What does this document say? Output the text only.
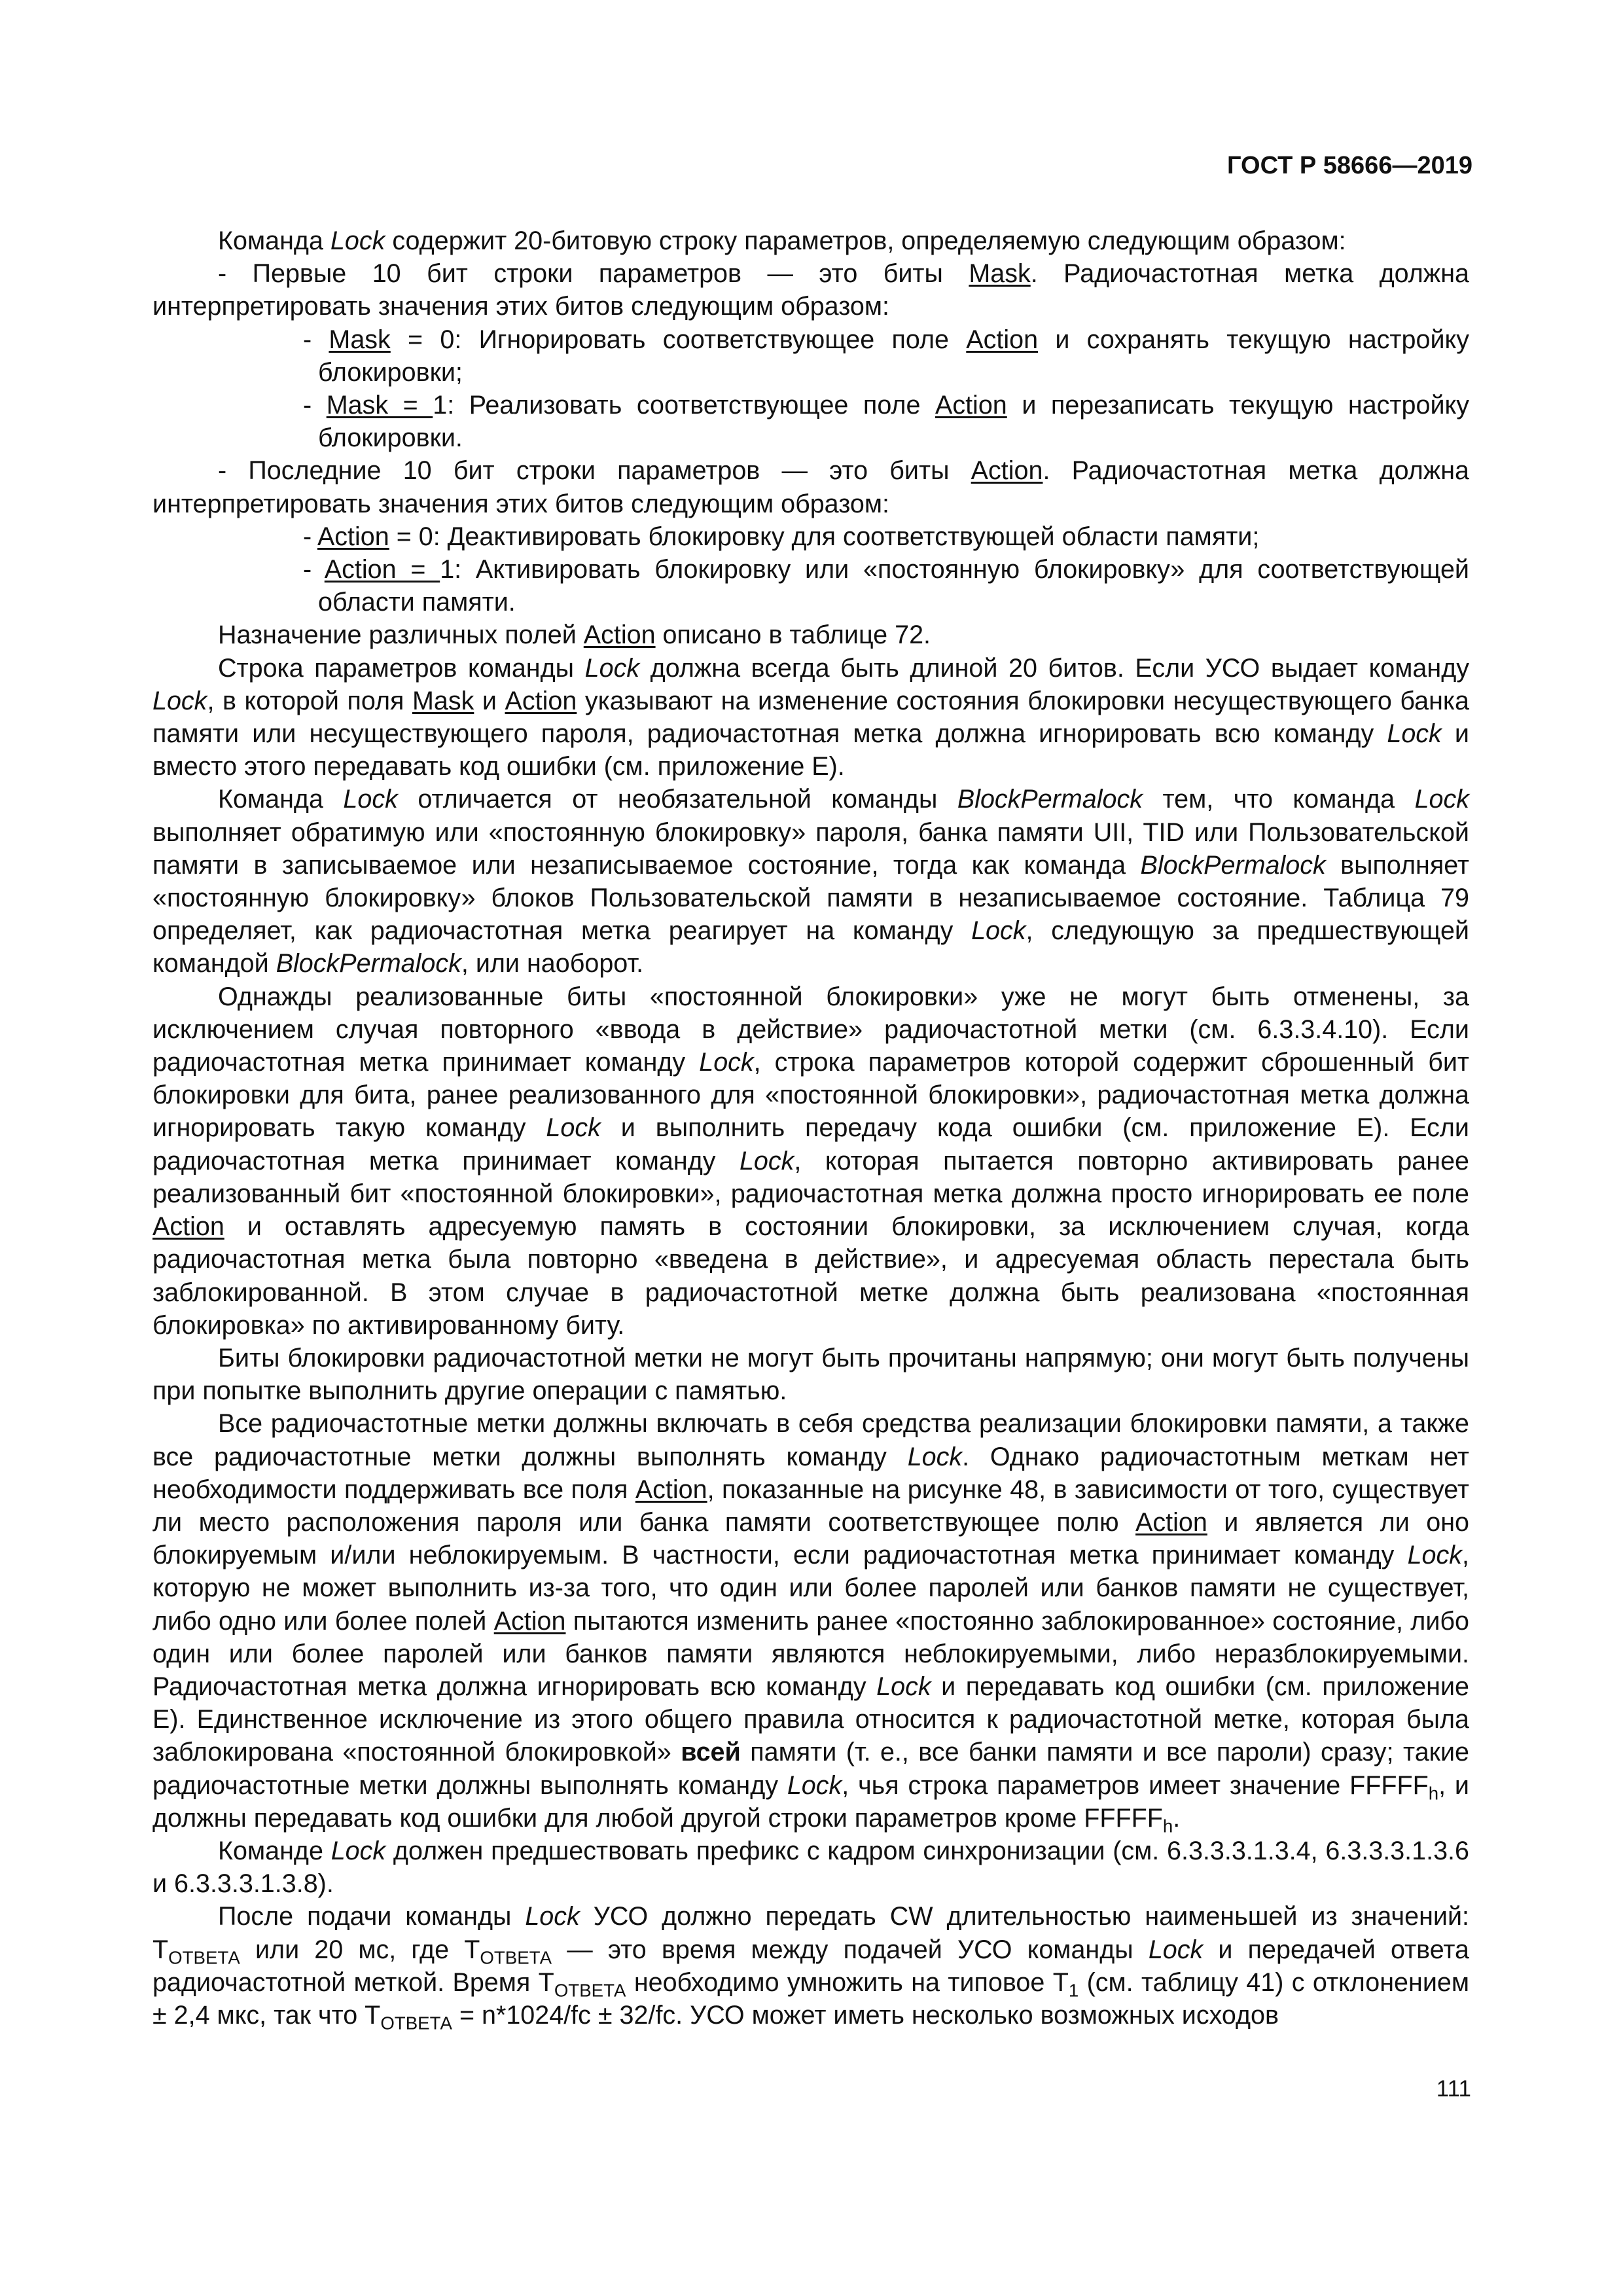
ГОСТ Р 58666—2019

Команда Lock содержит 20-битовую строку параметров, определяемую следующим образом:

- Первые 10 бит строки параметров — это биты Mask. Радиочастотная метка должна интерпретировать значения этих битов следующим образом:

- Mask = 0: Игнорировать соответствующее поле Action и сохранять текущую настройку блокировки;

- Mask = 1: Реализовать соответствующее поле Action и перезаписать текущую настройку блокировки.

- Последние 10 бит строки параметров — это биты Action. Радиочастотная метка должна интерпретировать значения этих битов следующим образом:

- Action = 0: Деактивировать блокировку для соответствующей области памяти;

- Action = 1: Активировать блокировку или «постоянную блокировку» для соответствующей области памяти.

Назначение различных полей Action описано в таблице 72.

Строка параметров команды Lock должна всегда быть длиной 20 битов. Если УСО выдает команду Lock, в которой поля Mask и Action указывают на изменение состояния блокировки несуществующего банка памяти или несуществующего пароля, радиочастотная метка должна игнорировать всю команду Lock и вместо этого передавать код ошибки (см. приложение Е).

Команда Lock отличается от необязательной команды BlockPermalock тем, что команда Lock выполняет обратимую или «постоянную блокировку» пароля, банка памяти UII, TID или Пользовательской памяти в записываемое или незаписываемое состояние, тогда как команда BlockPermalock выполняет «постоянную блокировку» блоков Пользовательской памяти в незаписываемое состояние. Таблица 79 определяет, как радиочастотная метка реагирует на команду Lock, следующую за предшествующей командой BlockPermalock, или наоборот.

Однажды реализованные биты «постоянной блокировки» уже не могут быть отменены, за исключением случая повторного «ввода в действие» радиочастотной метки (см. 6.3.3.4.10). Если радиочастотная метка принимает команду Lock, строка параметров которой содержит сброшенный бит блокировки для бита, ранее реализованного для «постоянной блокировки», радиочастотная метка должна игнорировать такую команду Lock и выполнить передачу кода ошибки (см. приложение Е). Если радиочастотная метка принимает команду Lock, которая пытается повторно активировать ранее реализованный бит «постоянной блокировки», радиочастотная метка должна просто игнорировать ее поле Action и оставлять адресуемую память в состоянии блокировки, за исключением случая, когда радиочастотная метка была повторно «введена в действие», и адресуемая область перестала быть заблокированной. В этом случае в радиочастотной метке должна быть реализована «постоянная блокировка» по активированному биту.

Биты блокировки радиочастотной метки не могут быть прочитаны напрямую; они могут быть получены при попытке выполнить другие операции с памятью.

Все радиочастотные метки должны включать в себя средства реализации блокировки памяти, а также все радиочастотные метки должны выполнять команду Lock. Однако радиочастотным меткам нет необходимости поддерживать все поля Action, показанные на рисунке 48, в зависимости от того, существует ли место расположения пароля или банка памяти соответствующее полю Action и является ли оно блокируемым и/или неблокируемым. В частности, если радиочастотная метка принимает команду Lock, которую не может выполнить из-за того, что один или более паролей или банков памяти не существует, либо одно или более полей Action пытаются изменить ранее «постоянно заблокированное» состояние, либо один или более паролей или банков памяти являются неблокируемыми, либо неразблокируемыми. Радиочастотная метка должна игнорировать всю команду Lock и передавать код ошибки (см. приложение Е). Единственное исключение из этого общего правила относится к радиочастотной метке, которая была заблокирована «постоянной блокировкой» всей памяти (т. е., все банки памяти и все пароли) сразу; такие радиочастотные метки должны выполнять команду Lock, чья строка параметров имеет значение $FFFFF_h$, и должны передавать код ошибки для любой другой строки параметров кроме $FFFFF_h$.

Команде Lock должен предшествовать префикс с кадром синхронизации (см. 6.3.3.3.1.3.4, 6.3.3.3.1.3.6 и 6.3.3.3.1.3.8).

После подачи команды Lock УСО должно передать CW длительностью наименьшей из значений: $T_{ОТВЕТА}$ или 20 мс, где $T_{ОТВЕТА}$ — это время между подачей УСО команды Lock и передачей ответа радиочастотной меткой. Время $T_{ОТВЕТА}$ необходимо умножить на типовое $T_1$ (см. таблицу 41) с отклонением ± 2,4 мкс, так что $T_{ОТВЕТА} = n*1024/fc \pm 32/fc$. УСО может иметь несколько возможных исходов

111
